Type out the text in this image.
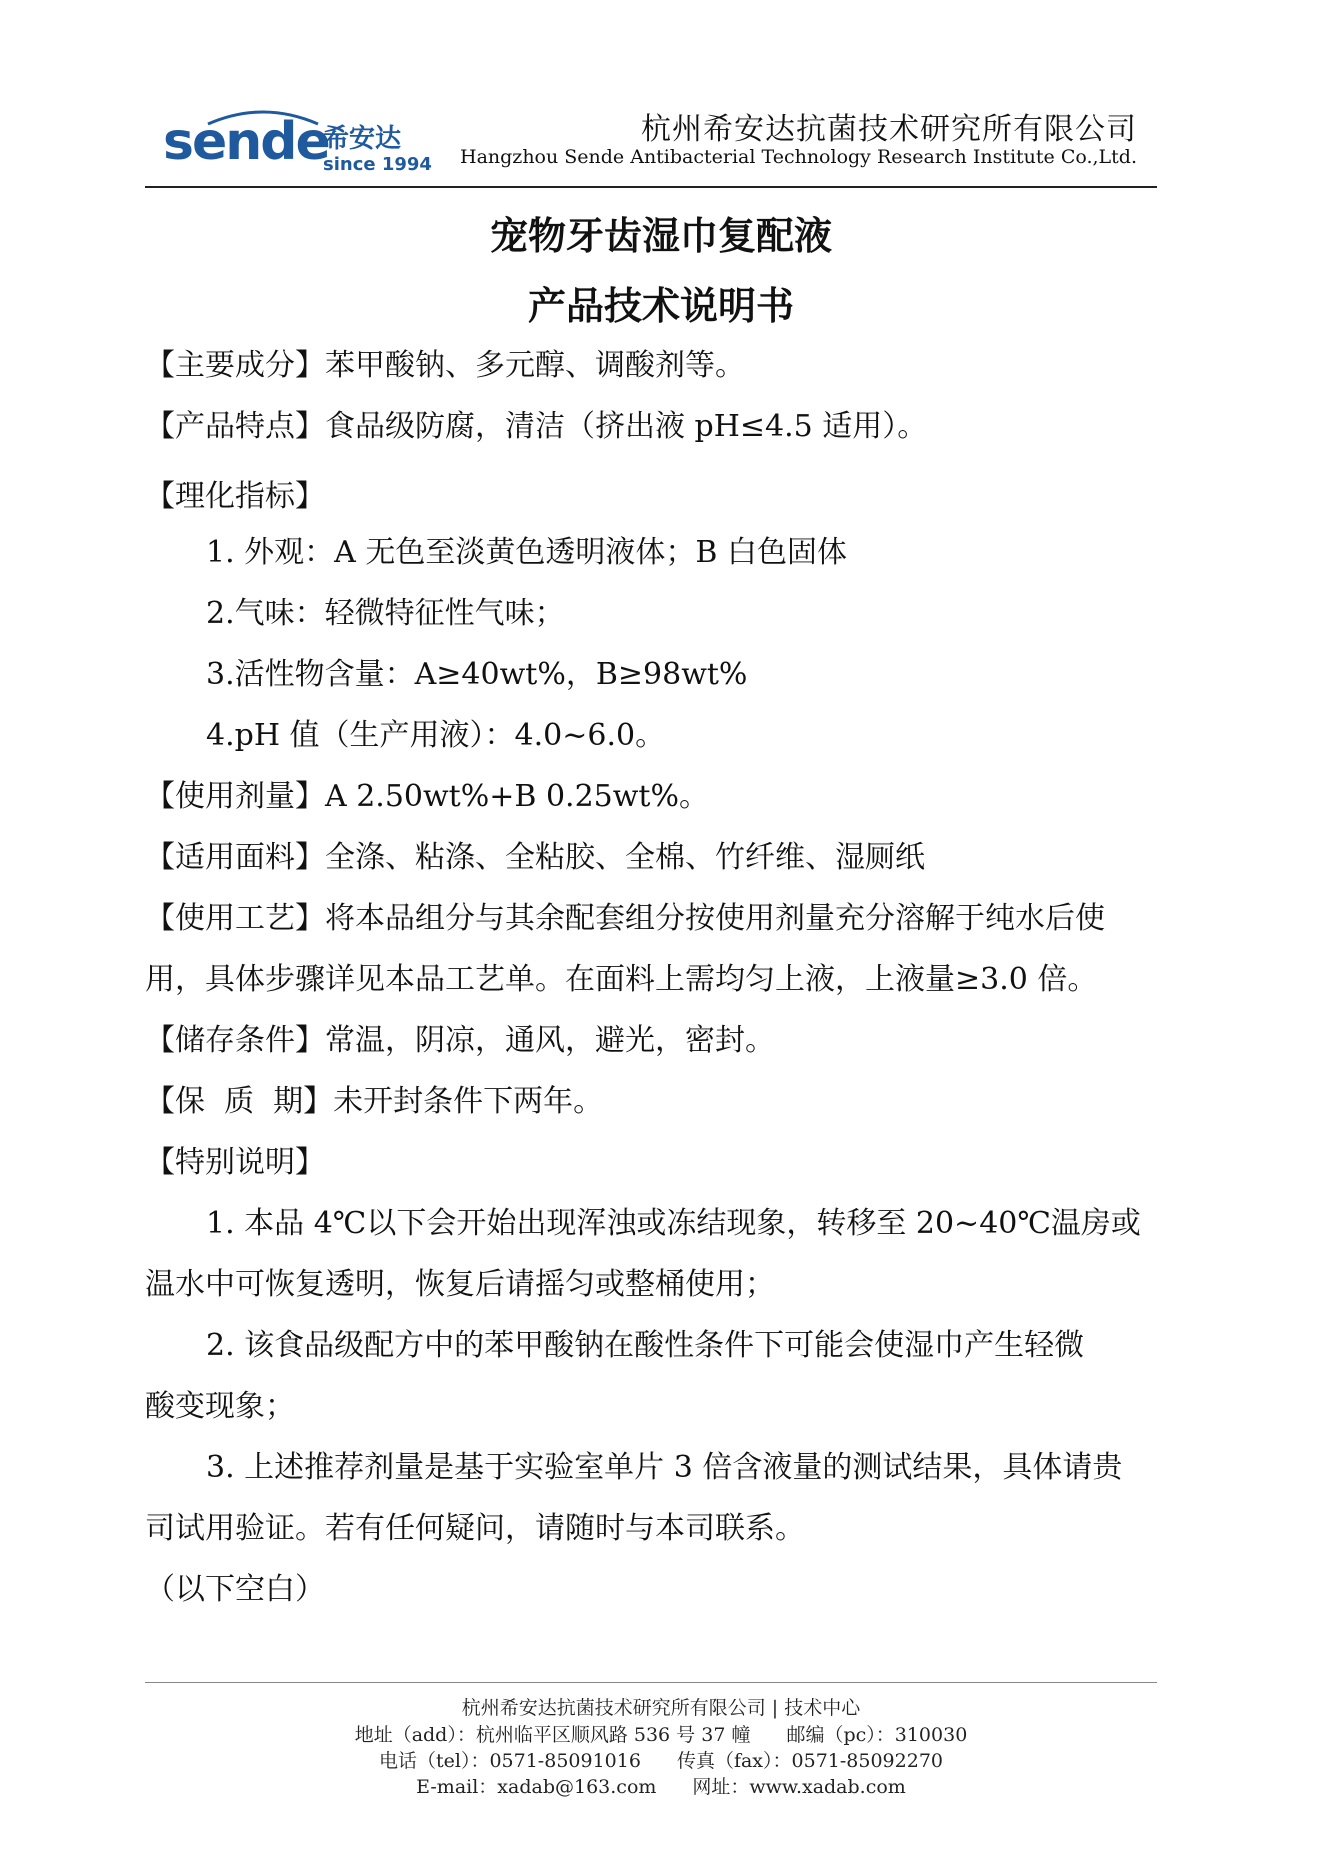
sende
希安达
since 1994
杭州希安达抗菌技术研究所有限公司
Hangzhou Sende Antibacterial Technology Research Institute Co.,Ltd.
宠物牙齿湿巾复配液
产品技术说明书
【主要成分】苯甲酸钠、多元醇、调酸剂等。
【产品特点】食品级防腐，清洁（挤出液 pH≤4.5 适用）。
【理化指标】
1. 外观：A 无色至淡黄色透明液体；B 白色固体
2.气味：轻微特征性气味；
3.活性物含量：A≥40wt%，B≥98wt%
4.pH 值（生产用液）：4.0~6.0。
【使用剂量】A 2.50wt%+B 0.25wt%。
【适用面料】全涤、粘涤、全粘胶、全棉、竹纤维、湿厕纸
【使用工艺】将本品组分与其余配套组分按使用剂量充分溶解于纯水后使
用，具体步骤详见本品工艺单。在面料上需均匀上液，上液量≥3.0 倍。
【储存条件】常温，阴凉，通风，避光，密封。
【保  质  期】未开封条件下两年。
【特别说明】
1. 本品 4℃以下会开始出现浑浊或冻结现象，转移至 20~40℃温房或
温水中可恢复透明，恢复后请摇匀或整桶使用；
2. 该食品级配方中的苯甲酸钠在酸性条件下可能会使湿巾产生轻微
酸变现象；
3. 上述推荐剂量是基于实验室单片 3 倍含液量的测试结果，具体请贵
司试用验证。若有任何疑问，请随时与本司联系。
（以下空白）
杭州希安达抗菌技术研究所有限公司 | 技术中心
地址（add）：杭州临平区顺风路 536 号 37 幢 邮编（pc）：310030
电话（tel）：0571-85091016 传真（fax）：0571-85092270
E-mail：xadab@163.com 网址：www.xadab.com
